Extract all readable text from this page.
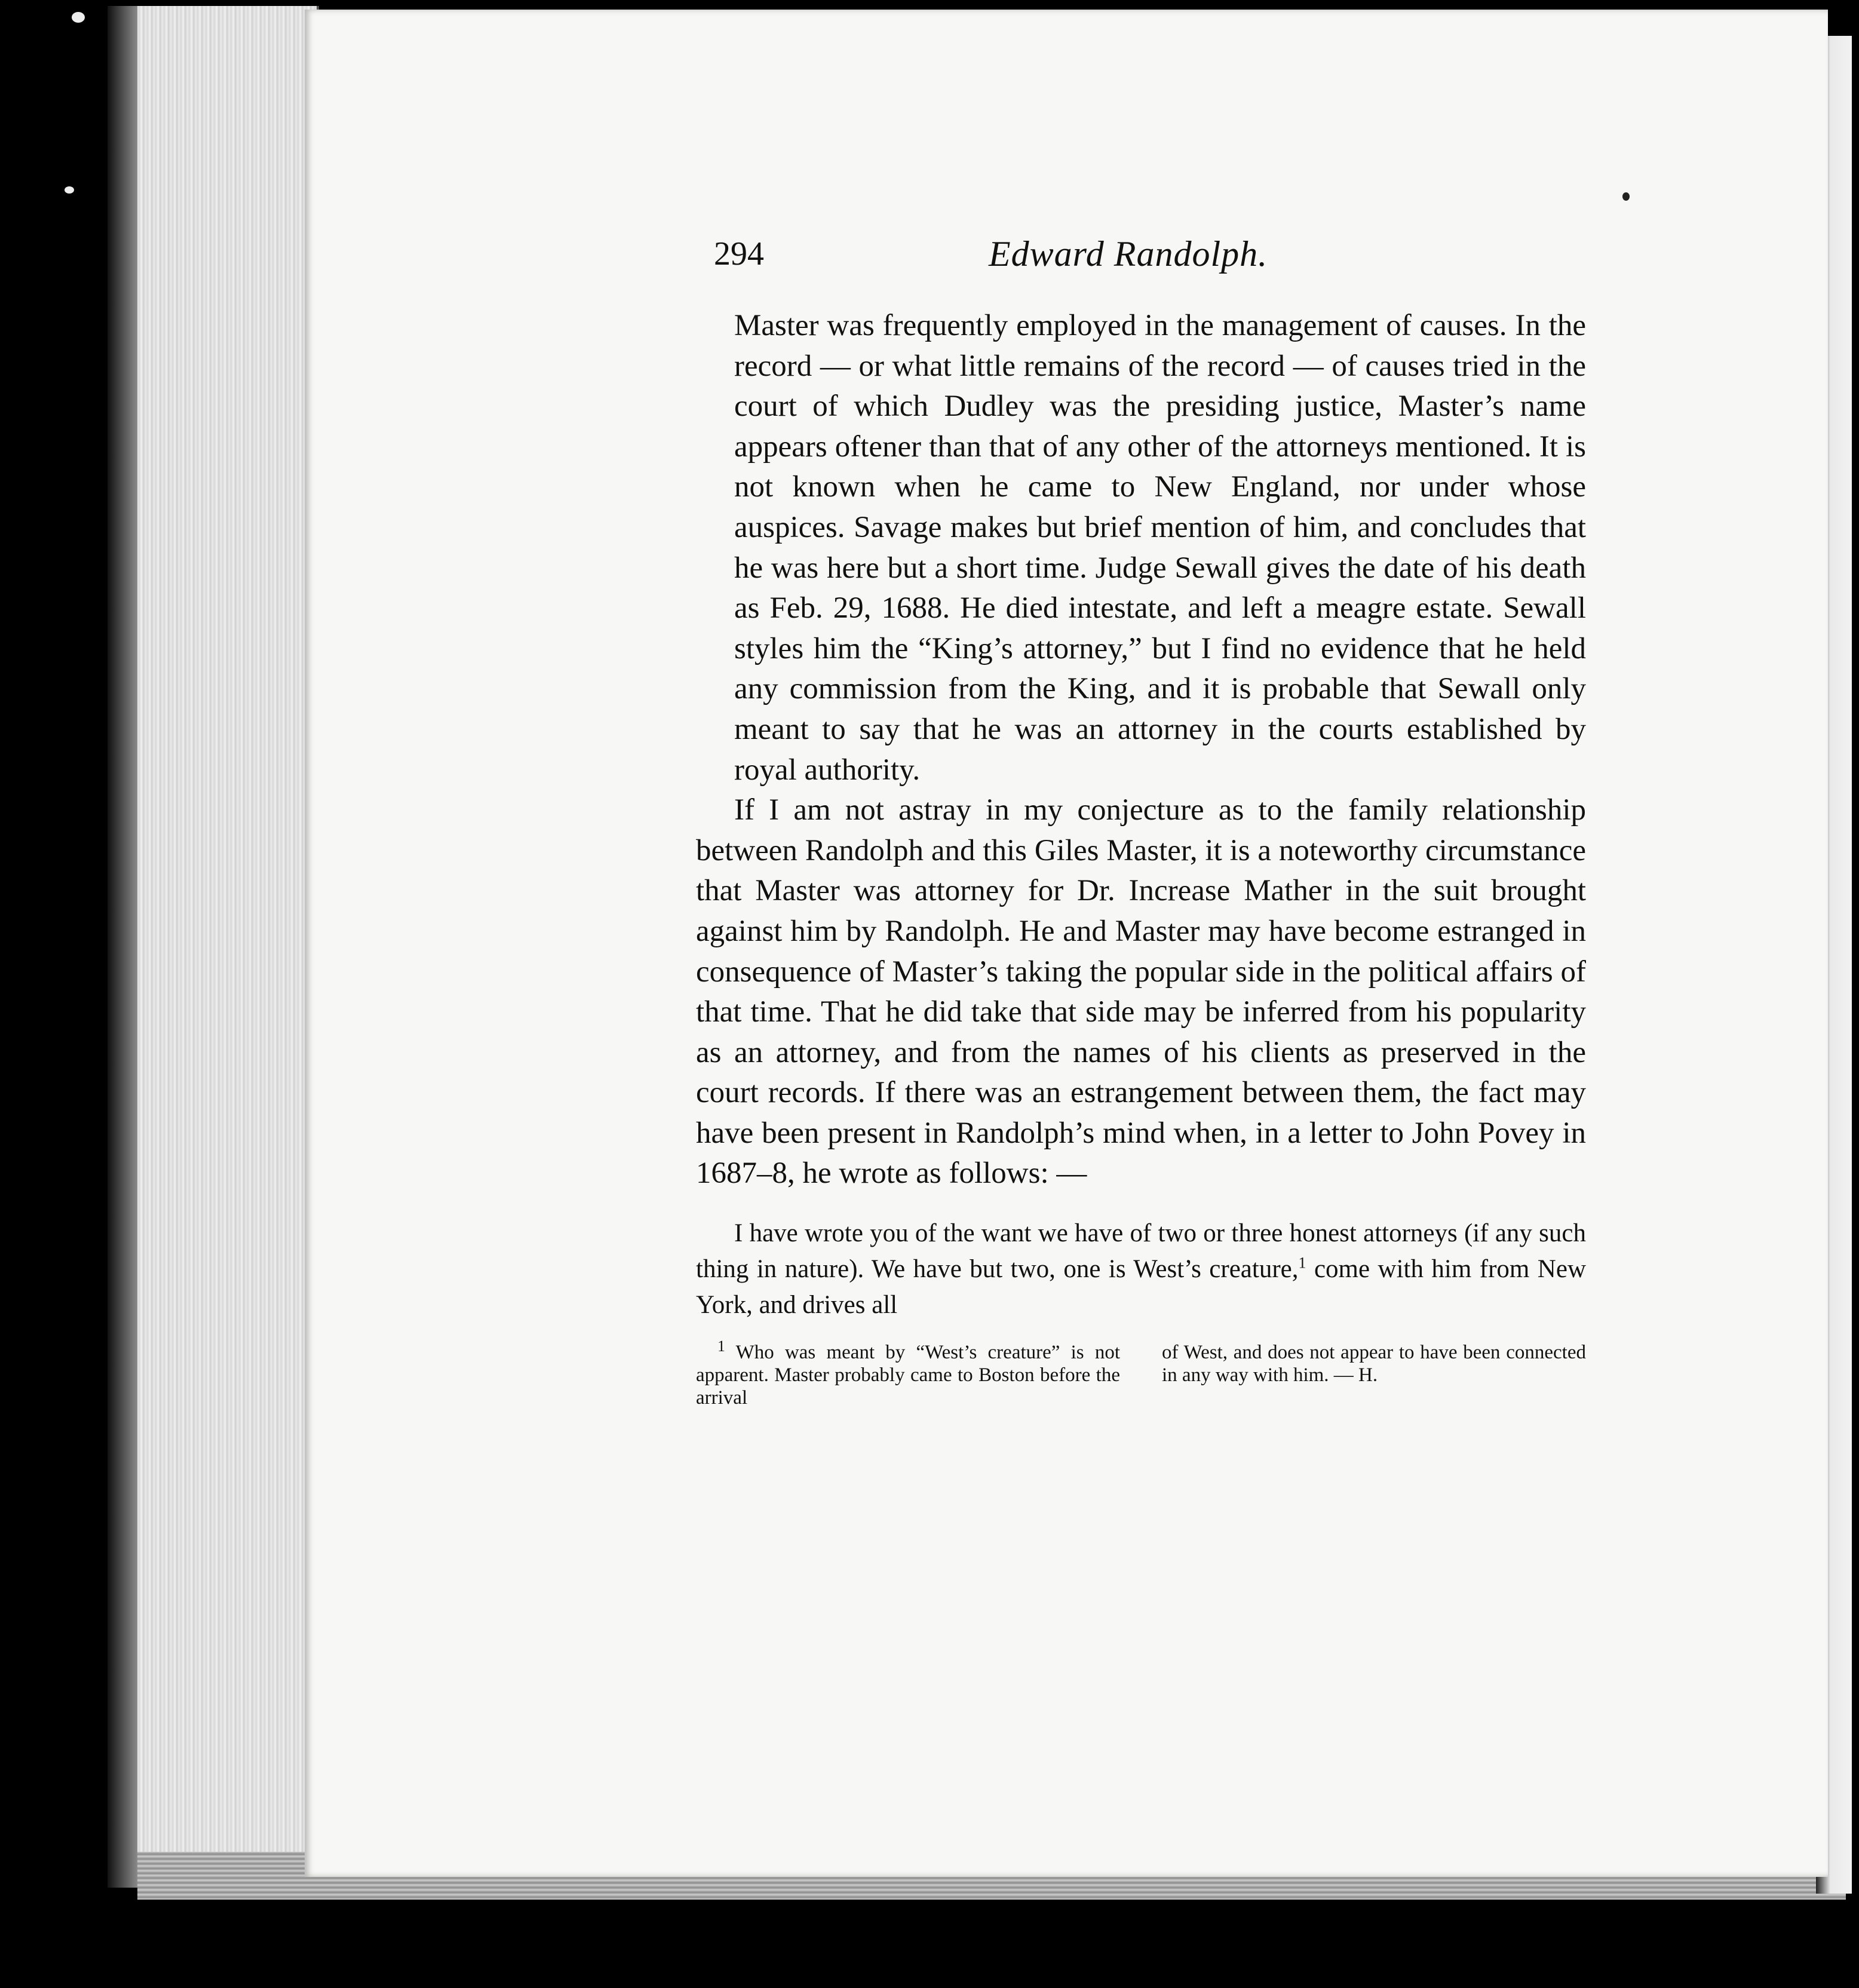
294	Edward Randolph.

Master was frequently employed in the management of causes. In the record — or what little remains of the record — of causes tried in the court of which Dudley was the presiding justice, Master’s name appears oftener than that of any other of the attorneys mentioned. It is not known when he came to New England, nor under whose auspices. Savage makes but brief mention of him, and concludes that he was here but a short time. Judge Sewall gives the date of his death as Feb. 29, 1688. He died intestate, and left a meagre estate. Sewall styles him the “King’s attorney,” but I find no evidence that he held any commission from the King, and it is probable that Sewall only meant to say that he was an attorney in the courts established by royal authority.

If I am not astray in my conjecture as to the family relationship between Randolph and this Giles Master, it is a noteworthy circumstance that Master was attorney for Dr. Increase Mather in the suit brought against him by Randolph. He and Master may have become estranged in consequence of Master’s taking the popular side in the political affairs of that time. That he did take that side may be inferred from his popularity as an attorney, and from the names of his clients as preserved in the court records. If there was an estrangement between them, the fact may have been present in Randolph’s mind when, in a letter to John Povey in 1687–8, he wrote as follows: —

I have wrote you of the want we have of two or three honest attorneys (if any such thing in nature). We have but two, one is West’s creature,$^1$ come with him from New York, and drives all

$^1$ Who was meant by “West’s creature” is not apparent. Master probably came to Boston before the arrival
of West, and does not appear to have been connected in any way with him. — H.
